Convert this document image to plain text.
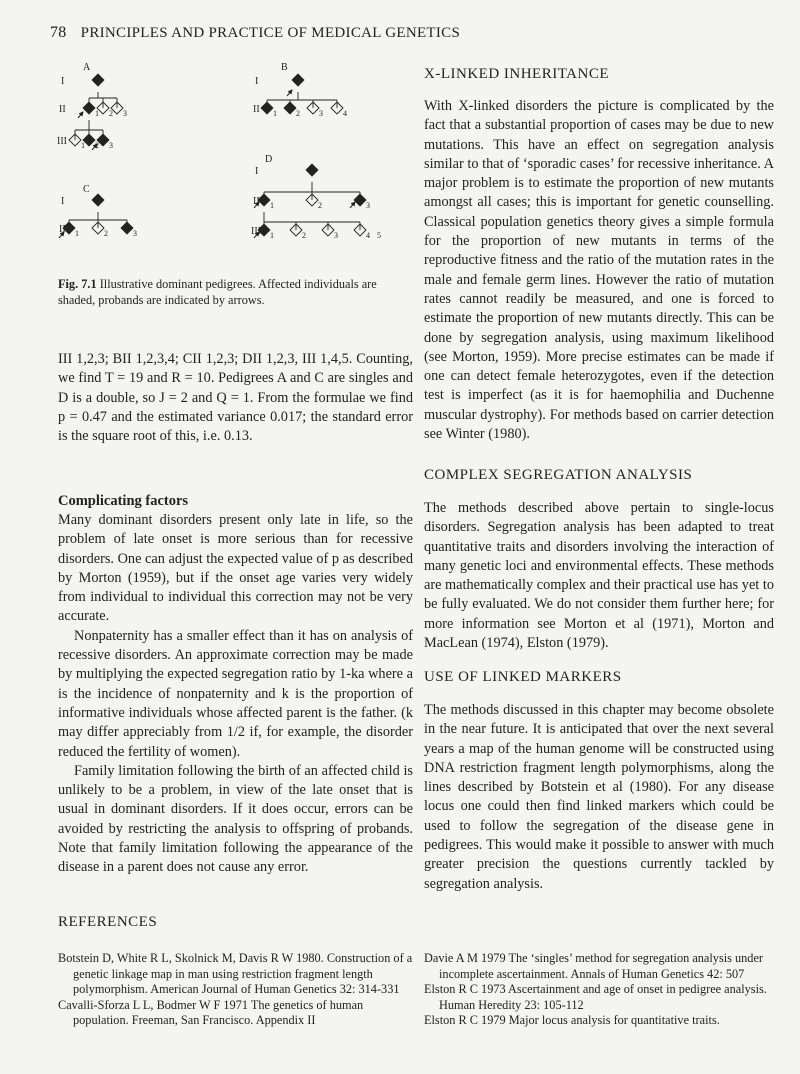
78 PRINCIPLES AND PRACTICE OF MEDICAL GENETICS
A	B
C
D
I
II
III
I
II
I
II
I
II
III
1 2 3
1 2 3
1 2 3	4
1	2	3
1	2	3
1	2	3	4 5
Fig. 7.1 Illustrative dominant pedigrees. Affected individuals are shaded, probands are indicated by arrows.

III 1,2,3; BII 1,2,3,4; CII 1,2,3; DII 1,2,3, III 1,4,5. Counting, we find T = 19 and R = 10. Pedigrees A and C are singles and D is a double, so J = 2 and Q = 1. From the formulae we find p = 0.47 and the estimated variance 0.017; the standard error is the square root of this, i.e. 0.13.

Complicating factors

Many dominant disorders present only late in life, so the problem of late onset is more serious than for recessive disorders. One can adjust the expected value of p as described by Morton (1959), but if the onset age varies very widely from individual to individual this correction may not be very accurate.

Nonpaternity has a smaller effect than it has on analysis of recessive disorders. An approximate correction may be made by multiplying the expected segregation ratio by 1-ka where a is the incidence of nonpaternity and k is the proportion of informative individuals whose affected parent is the father. (k may differ appreciably from 1/2 if, for example, the disorder reduced the fertility of women).

Family limitation following the birth of an affected child is unlikely to be a problem, in view of the late onset that is usual in dominant disorders. If it does occur, errors can be avoided by restricting the analysis to offspring of probands. Note that family limitation following the appearance of the disease in a parent does not cause any error.

X-LINKED INHERITANCE

With X-linked disorders the picture is complicated by the fact that a substantial proportion of cases may be due to new mutations. This have an effect on segregation analysis similar to that of ‘sporadic cases’ for recessive inheritance. A major problem is to estimate the proportion of new mutants amongst all cases; this is important for genetic counselling. Classical population genetics theory gives a simple formula for the proportion of new mutants in terms of the reproductive fitness and the ratio of the mutation rates in the male and female germ lines. However the ratio of mutation rates cannot readily be measured, and one is forced to estimate the proportion of new mutants directly. This can be done by segregation analysis, using maximum likelihood (see Morton, 1959). More precise estimates can be made if one can detect female heterozygotes, even if the detection test is imperfect (as it is for haemophilia and Duchenne muscular dystrophy). For methods based on carrier detection see Winter (1980).

COMPLEX SEGREGATION ANALYSIS

The methods described above pertain to single-locus disorders. Segregation analysis has been adapted to treat quantitative traits and disorders involving the interaction of many genetic loci and environmental effects. These methods are mathematically complex and their practical use has yet to be fully evaluated. We do not consider them further here; for more information see Morton et al (1971), Morton and MacLean (1974), Elston (1979).

USE OF LINKED MARKERS

The methods discussed in this chapter may become obsolete in the near future. It is anticipated that over the next several years a map of the human genome will be constructed using DNA restriction fragment length polymorphisms, along the lines described by Botstein et al (1980). For any disease locus one could then find linked markers which could be used to follow the segregation of the disease gene in pedigrees. This would make it possible to answer with much greater precision the questions currently tackled by segregation analysis.

REFERENCES

Botstein D, White R L, Skolnick M, Davis R W 1980. Construction of a genetic linkage map in man using restriction fragment length polymorphism. American Journal of Human Genetics 32: 314-331

Cavalli-Sforza L L, Bodmer W F 1971 The genetics of human population. Freeman, San Francisco. Appendix II

Davie A M 1979 The ‘singles’ method for segregation analysis under incomplete ascertainment. Annals of Human Genetics 42: 507

Elston R C 1973 Ascertainment and age of onset in pedigree analysis. Human Heredity 23: 105-112

Elston R C 1979 Major locus analysis for quantitative traits.
